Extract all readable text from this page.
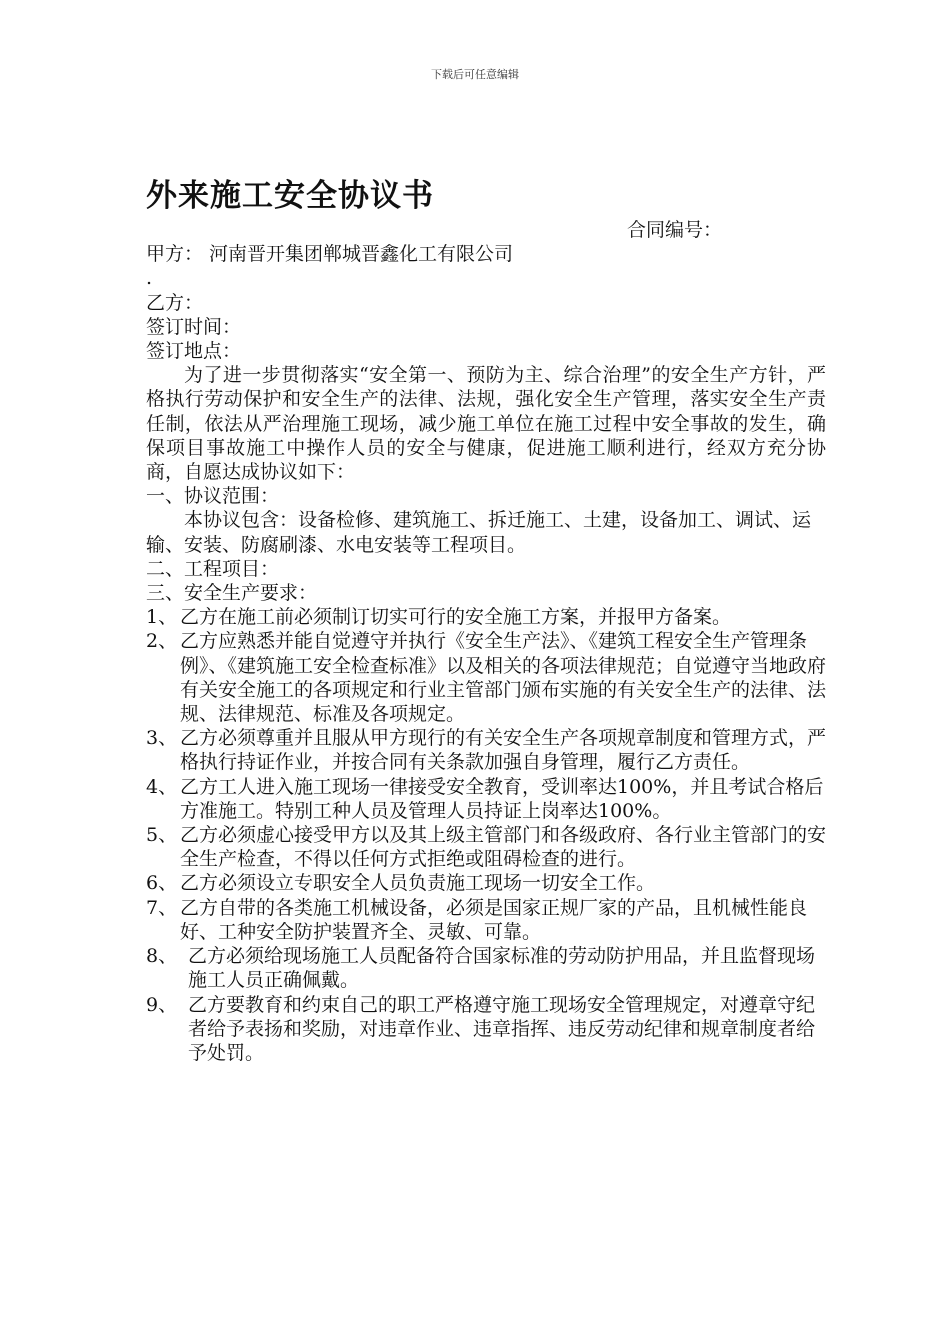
下载后可任意编辑
外来施工安全协议书

合同编号：

甲方： 河南晋开集团郸城晋鑫化工有限公司

.

乙方：

签订时间：

签订地点：

为了进一步贯彻落实“安全第一、预防为主、综合治理”的安全生产方针，严格执行劳动保护和安全生产的法律、法规，强化安全生产管理，落实安全生产责任制，依法从严治理施工现场，减少施工单位在施工过程中安全事故的发生，确保项目事故施工中操作人员的安全与健康，促进施工顺利进行，经双方充分协商，自愿达成协议如下：

一、协议范围：

本协议包含：设备检修、建筑施工、拆迁施工、土建，设备加工、调试、运输、安装、防腐刷漆、水电安装等工程项目。

二、工程项目：

三、安全生产要求：

1、 乙方在施工前必须制订切实可行的安全施工方案，并报甲方备案。
2、 乙方应熟悉并能自觉遵守并执行《安全生产法》、《建筑工程安全生产管理条例》、《建筑施工安全检查标准》以及相关的各项法律规范；自觉遵守当地政府有关安全施工的各项规定和行业主管部门颁布实施的有关安全生产的法律、法规、法律规范、标准及各项规定。
3、 乙方必须尊重并且服从甲方现行的有关安全生产各项规章制度和管理方式，严格执行持证作业，并按合同有关条款加强自身管理，履行乙方责任。
4、 乙方工人进入施工现场一律接受安全教育，受训率达100%，并且考试合格后方准施工。特别工种人员及管理人员持证上岗率达100%。
5、 乙方必须虚心接受甲方以及其上级主管部门和各级政府、各行业主管部门的安全生产检查，不得以任何方式拒绝或阻碍检查的进行。
6、 乙方必须设立专职安全人员负责施工现场一切安全工作。
7、 乙方自带的各类施工机械设备，必须是国家正规厂家的产品，且机械性能良好、工种安全防护装置齐全、灵敏、可靠。
8、 乙方必须给现场施工人员配备符合国家标准的劳动防护用品，并且监督现场施工人员正确佩戴。
9、 乙方要教育和约束自己的职工严格遵守施工现场安全管理规定，对遵章守纪者给予表扬和奖励，对违章作业、违章指挥、违反劳动纪律和规章制度者给予处罚。
